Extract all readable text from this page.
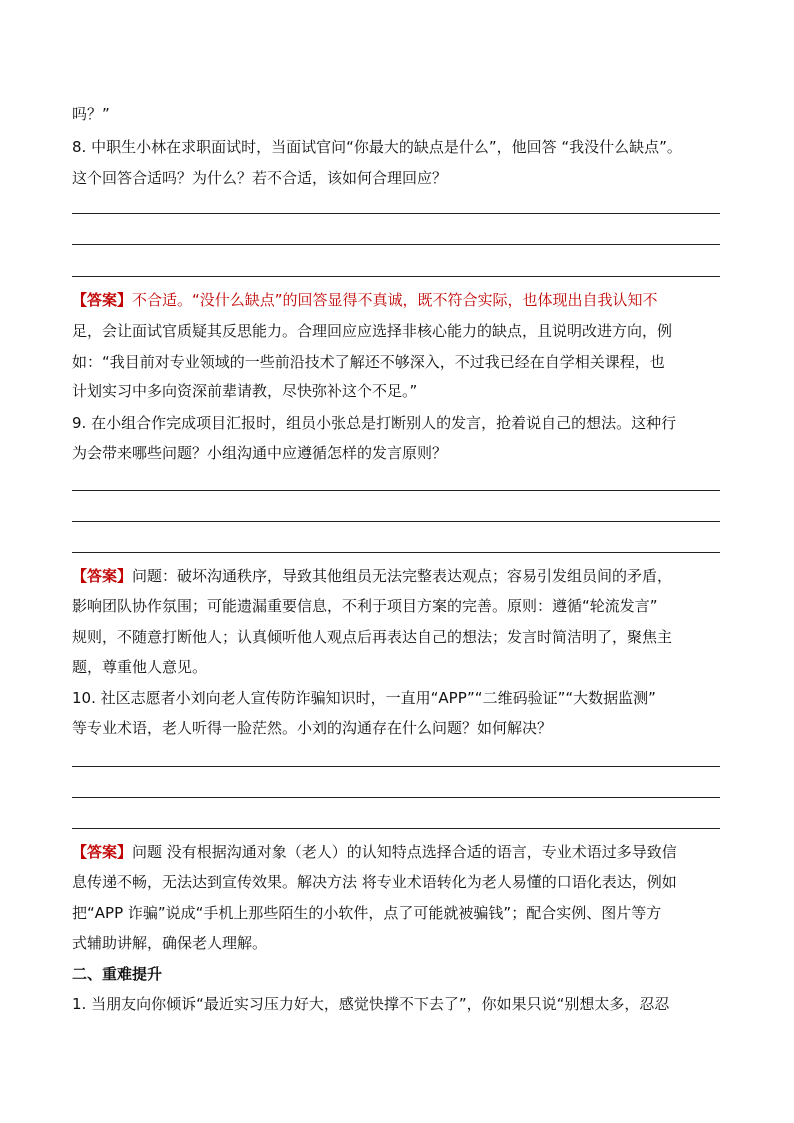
吗？”
8. 中职生小林在求职面试时，当面试官问“你最大的缺点是什么”，他回答 “我没什么缺点”。
这个回答合适吗？为什么？若不合适，该如何合理回应？
【答案】不合适。“没什么缺点”的回答显得不真诚，既不符合实际，也体现出自我认知不
足，会让面试官质疑其反思能力。合理回应应选择非核心能力的缺点，且说明改进方向，例
如：“我目前对专业领域的一些前沿技术了解还不够深入，不过我已经在自学相关课程，也
计划实习中多向资深前辈请教，尽快弥补这个不足。”
9. 在小组合作完成项目汇报时，组员小张总是打断别人的发言，抢着说自己的想法。这种行
为会带来哪些问题？小组沟通中应遵循怎样的发言原则？
【答案】问题：破坏沟通秩序，导致其他组员无法完整表达观点；容易引发组员间的矛盾，
影响团队协作氛围；可能遗漏重要信息，不利于项目方案的完善。原则：遵循“轮流发言”
规则，不随意打断他人；认真倾听他人观点后再表达自己的想法；发言时简洁明了，聚焦主
题，尊重他人意见。
10. 社区志愿者小刘向老人宣传防诈骗知识时，一直用“APP”“二维码验证”“大数据监测”
等专业术语，老人听得一脸茫然。小刘的沟通存在什么问题？如何解决？
【答案】问题 没有根据沟通对象（老人）的认知特点选择合适的语言，专业术语过多导致信
息传递不畅，无法达到宣传效果。解决方法 将专业术语转化为老人易懂的口语化表达，例如
把“APP 诈骗”说成“手机上那些陌生的小软件，点了可能就被骗钱”；配合实例、图片等方
式辅助讲解，确保老人理解。
二、重难提升
1. 当朋友向你倾诉“最近实习压力好大，感觉快撑不下去了”，你如果只说“别想太多，忍忍
